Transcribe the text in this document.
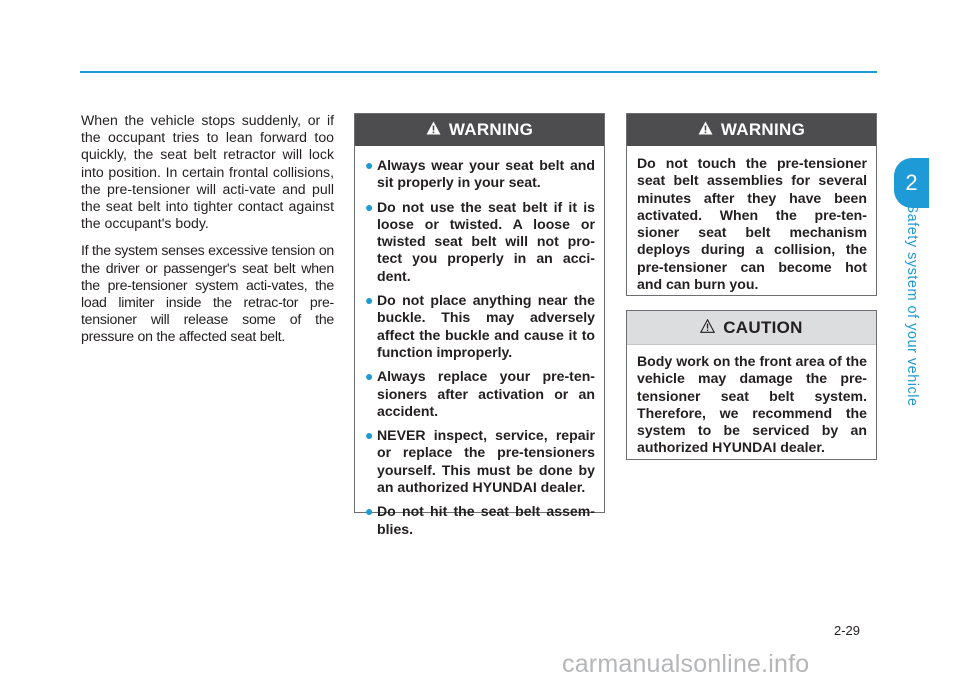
When the vehicle stops suddenly, or if the occupant tries to lean forward too quickly, the seat belt retractor will lock into position. In certain frontal collisions, the pre-tensioner will acti-vate and pull the seat belt into tighter contact against the occupant's body.

If the system senses excessive tension on the driver or passenger's seat belt when the pre-tensioner system acti-vates, the load limiter inside the retrac-tor pre-tensioner will release some of the pressure on the affected seat belt.

WARNING
● Always wear your seat belt and sit properly in your seat.
● Do not use the seat belt if it is loose or twisted. A loose or twisted seat belt will not pro-tect you properly in an acci-dent.
● Do not place anything near the buckle. This may adversely affect the buckle and cause it to function improperly.
● Always replace your pre-ten-sioners after activation or an accident.
● NEVER inspect, service, repair or replace the pre-tensioners yourself. This must be done by an authorized HYUNDAI dealer.
● Do not hit the seat belt assem-blies.
WARNING
Do not touch the pre-tensioner seat belt assemblies for several minutes after they have been activated. When the pre-ten-sioner seat belt mechanism deploys during a collision, the pre-tensioner can become hot and can burn you.
CAUTION
Body work on the front area of the vehicle may damage the pre-tensioner seat belt system. Therefore, we recommend the system to be serviced by an authorized HYUNDAI dealer.
2
Safety system of your vehicle
2-29
carmanualsonline.info
